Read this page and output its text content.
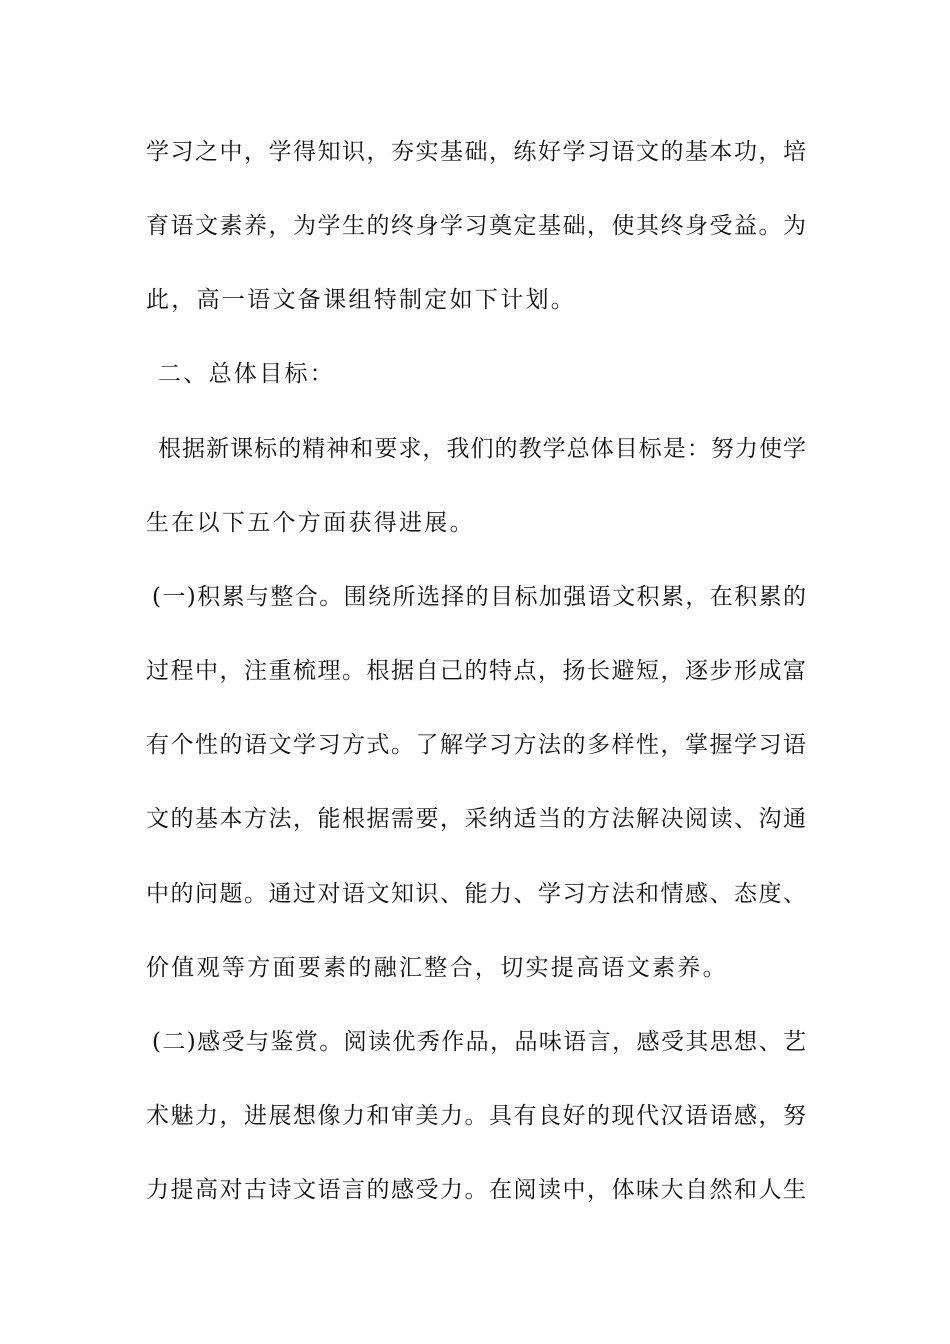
学习之中，学得知识，夯实基础，练好学习语文的基本功，培
育语文素养，为学生的终身学习奠定基础，使其终身受益。为
此，高一语文备课组特制定如下计划。
二、总体目标：
根据新课标的精神和要求，我们的教学总体目标是：努力使学
生在以下五个方面获得进展。
(一)积累与整合。围绕所选择的目标加强语文积累，在积累的
过程中，注重梳理。根据自己的特点，扬长避短，逐步形成富
有个性的语文学习方式。了解学习方法的多样性，掌握学习语
文的基本方法，能根据需要，采纳适当的方法解决阅读、沟通
中的问题。通过对语文知识、能力、学习方法和情感、态度、
价值观等方面要素的融汇整合，切实提高语文素养。
(二)感受与鉴赏。阅读优秀作品，品味语言，感受其思想、艺
术魅力，进展想像力和审美力。具有良好的现代汉语语感，努
力提高对古诗文语言的感受力。在阅读中，体味大自然和人生
